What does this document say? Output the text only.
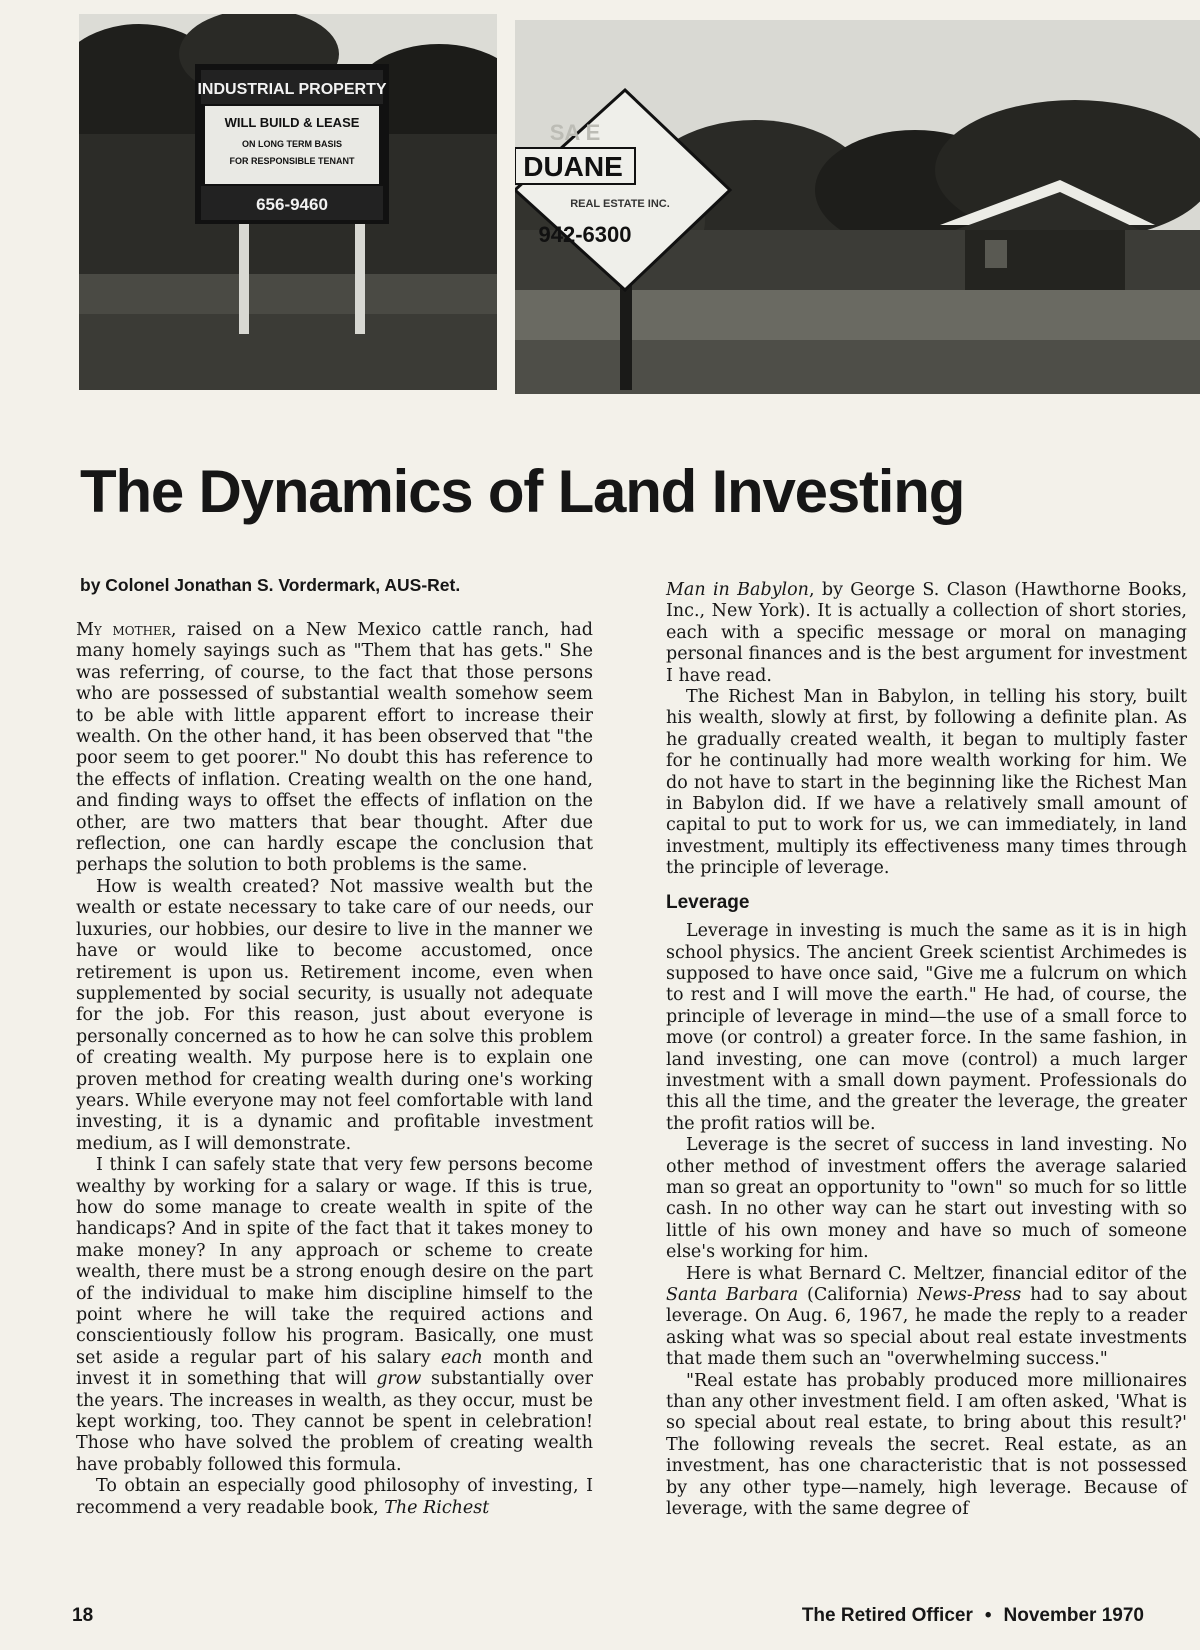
INDUSTRIAL PROPERTY
WILL BUILD & LEASE
ON LONG TERM BASIS
FOR RESPONSIBLE TENANT
656-9460
SA E
DUANE
REAL ESTATE INC.
942-6300
The Dynamics of Land Investing
by Colonel Jonathan S. Vordermark, AUS-Ret.

My mother, raised on a New Mexico cattle ranch, had many homely sayings such as "Them that has gets." She was referring, of course, to the fact that those persons who are possessed of substantial wealth somehow seem to be able with little apparent effort to increase their wealth. On the other hand, it has been observed that "the poor seem to get poorer." No doubt this has reference to the effects of inflation. Creating wealth on the one hand, and finding ways to offset the effects of inflation on the other, are two matters that bear thought. After due reflection, one can hardly escape the conclusion that perhaps the solution to both problems is the same.

How is wealth created? Not massive wealth but the wealth or estate necessary to take care of our needs, our luxuries, our hobbies, our desire to live in the manner we have or would like to become accustomed, once retirement is upon us. Retirement income, even when supplemented by social security, is usually not adequate for the job. For this reason, just about everyone is personally concerned as to how he can solve this problem of creating wealth. My purpose here is to explain one proven method for creating wealth during one's working years. While everyone may not feel comfortable with land investing, it is a dynamic and profitable investment medium, as I will demonstrate.

I think I can safely state that very few persons become wealthy by working for a salary or wage. If this is true, how do some manage to create wealth in spite of the handicaps? And in spite of the fact that it takes money to make money? In any approach or scheme to create wealth, there must be a strong enough desire on the part of the individual to make him discipline himself to the point where he will take the required actions and conscientiously follow his program. Basically, one must set aside a regular part of his salary each month and invest it in something that will grow substantially over the years. The increases in wealth, as they occur, must be kept working, too. They cannot be spent in celebration! Those who have solved the problem of creating wealth have probably followed this formula.

To obtain an especially good philosophy of investing, I recommend a very readable book, The Richest

Man in Babylon, by George S. Clason (Hawthorne Books, Inc., New York). It is actually a collection of short stories, each with a specific message or moral on managing personal finances and is the best argument for investment I have read.

The Richest Man in Babylon, in telling his story, built his wealth, slowly at first, by following a definite plan. As he gradually created wealth, it began to multiply faster for he continually had more wealth working for him. We do not have to start in the beginning like the Richest Man in Babylon did. If we have a relatively small amount of capital to put to work for us, we can immediately, in land investment, multiply its effectiveness many times through the principle of leverage.

Leverage

Leverage in investing is much the same as it is in high school physics. The ancient Greek scientist Archimedes is supposed to have once said, "Give me a fulcrum on which to rest and I will move the earth." He had, of course, the principle of leverage in mind—the use of a small force to move (or control) a greater force. In the same fashion, in land investing, one can move (control) a much larger investment with a small down payment. Professionals do this all the time, and the greater the leverage, the greater the profit ratios will be.

Leverage is the secret of success in land investing. No other method of investment offers the average salaried man so great an opportunity to "own" so much for so little cash. In no other way can he start out investing with so little of his own money and have so much of someone else's working for him.

Here is what Bernard C. Meltzer, financial editor of the Santa Barbara (California) News-Press had to say about leverage. On Aug. 6, 1967, he made the reply to a reader asking what was so special about real estate investments that made them such an "overwhelming success."

"Real estate has probably produced more millionaires than any other investment field. I am often asked, 'What is so special about real estate, to bring about this result?' The following reveals the secret. Real estate, as an investment, has one characteristic that is not possessed by any other type—namely, high leverage. Because of leverage, with the same degree of

18	The Retired Officer • November 1970
